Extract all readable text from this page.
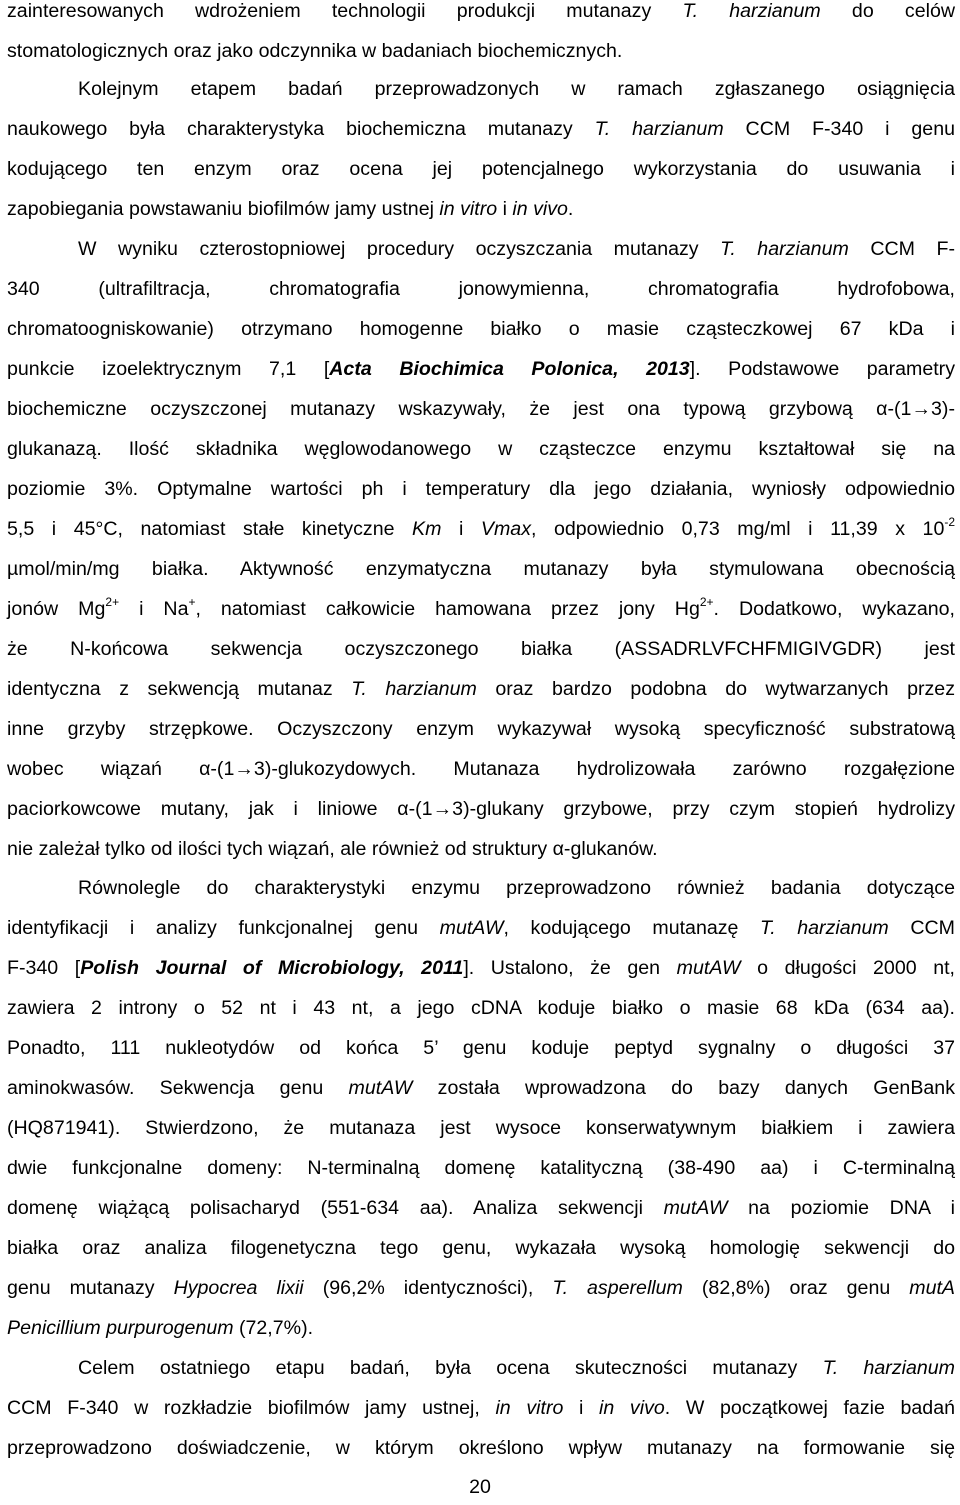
zainteresowanych wdrożeniem technologii produkcji mutanazy T. harzianum do celów
stomatologicznych oraz jako odczynnika w badaniach biochemicznych.
Kolejnym etapem badań przeprowadzonych w ramach zgłaszanego osiągnięcia
naukowego była charakterystyka biochemiczna mutanazy T. harzianum CCM F-340 i genu
kodującego ten enzym oraz ocena jej potencjalnego wykorzystania do usuwania i
zapobiegania powstawaniu biofilmów jamy ustnej in vitro i in vivo.
W wyniku czterostopniowej procedury oczyszczania mutanazy T. harzianum CCM F-
340 (ultrafiltracja, chromatografia jonowymienna, chromatografia hydrofobowa,
chromatoogniskowanie) otrzymano homogenne białko o masie cząsteczkowej 67 kDa i
punkcie izoelektrycznym 7,1 [Acta Biochimica Polonica, 2013]. Podstawowe parametry
biochemiczne oczyszczonej mutanazy wskazywały, że jest ona typową grzybową α-(1→3)-
glukanazą. Ilość składnika węglowodanowego w cząsteczce enzymu kształtował się na
poziomie 3%. Optymalne wartości ph i temperatury dla jego działania, wyniosły odpowiednio
5,5 i 45°C, natomiast stałe kinetyczne Km i Vmax, odpowiednio 0,73 mg/ml i 11,39 x $10^{-2}$
µmol/min/mg białka. Aktywność enzymatyczna mutanazy była stymulowana obecnością
jonów $Mg^{2+}$ i Na+, natomiast całkowicie hamowana przez jony $Hg^{2+}$. Dodatkowo, wykazano,
że N-końcowa sekwencja oczyszczonego białka (ASSADRLVFCHFMIGIVGDR) jest
identyczna z sekwencją mutanaz T. harzianum oraz bardzo podobna do wytwarzanych przez
inne grzyby strzępkowe. Oczyszczony enzym wykazywał wysoką specyficzność substratową
wobec wiązań α-(1→3)-glukozydowych. Mutanaza hydrolizowała zarówno rozgałęzione
paciorkowcowe mutany, jak i liniowe α-(1→3)-glukany grzybowe, przy czym stopień hydrolizy
nie zależał tylko od ilości tych wiązań, ale również od struktury α-glukanów.
Równolegle do charakterystyki enzymu przeprowadzono również badania dotyczące
identyfikacji i analizy funkcjonalnej genu mutAW, kodującego mutanazę T. harzianum CCM
F-340 [Polish Journal of Microbiology, 2011]. Ustalono, że gen mutAW o długości 2000 nt,
zawiera 2 introny o 52 nt i 43 nt, a jego cDNA koduje białko o masie 68 kDa (634 aa).
Ponadto, 111 nukleotydów od końca 5’ genu koduje peptyd sygnalny o długości 37
aminokwasów. Sekwencja genu mutAW została wprowadzona do bazy danych GenBank
(HQ871941). Stwierdzono, że mutanaza jest wysoce konserwatywnym białkiem i zawiera
dwie funkcjonalne domeny: N-terminalną domenę katalityczną (38-490 aa) i C-terminalną
domenę wiążącą polisacharyd (551-634 aa). Analiza sekwencji mutAW na poziomie DNA i
białka oraz analiza filogenetyczna tego genu, wykazała wysoką homologię sekwencji do
genu mutanazy Hypocrea lixii (96,2% identyczności), T. asperellum (82,8%) oraz genu mutA
Penicillium purpurogenum (72,7%).
Celem ostatniego etapu badań, była ocena skuteczności mutanazy T. harzianum
CCM F-340 w rozkładzie biofilmów jamy ustnej, in vitro i in vivo. W początkowej fazie badań
przeprowadzono doświadczenie, w którym określono wpływ mutanazy na formowanie się
20
